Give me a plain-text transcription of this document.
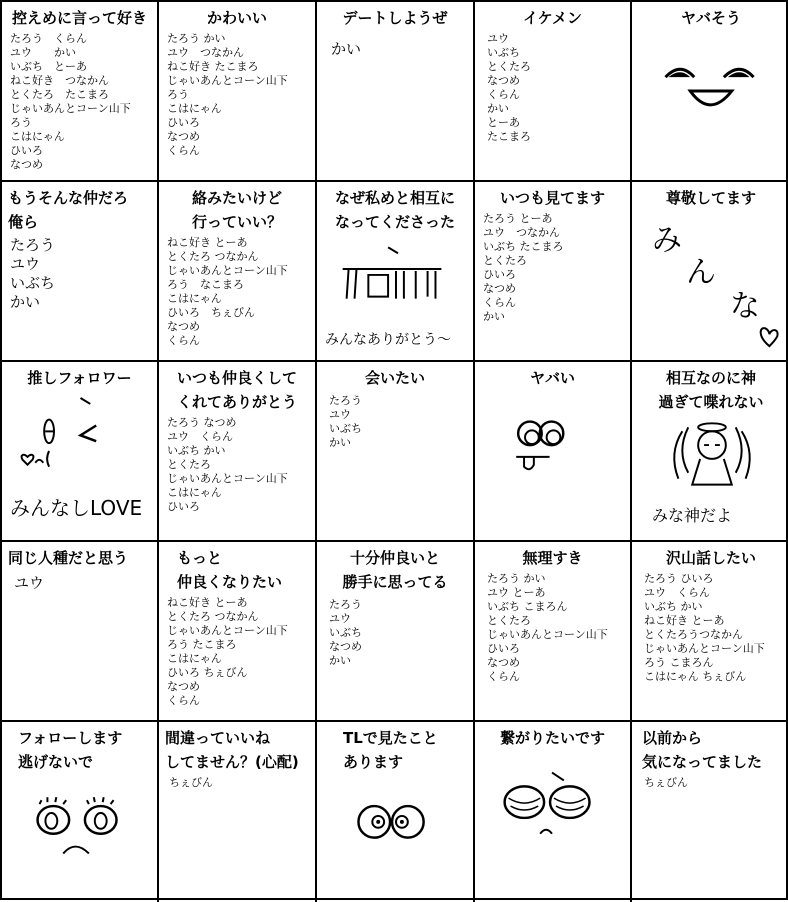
控えめに言って好き
たろう　くらん
ユウ　　かい
いぶち　とーあ
ねこ好き　つなかん
とくたろ　たこまろ
じゃいあんとコーン山下
ろう
こはにゃん
ひいろ
なつめ
かわいい
たろう かい
ユウ　つなかん
ねこ好き たこまろ
じゃいあんとコーン山下
ろう
こはにゃん
ひいろ
なつめ
くらん
デートしようぜ
かい
イケメン
ユウ
いぶち
とくたろ
なつめ
くらん
かい
とーあ
たこまろ
ヤバそう
もうそんな仲だろ
俺ら
たろう
ユウ
いぶち
かい
絡みたいけど
行っていい？
ねこ好き とーあ
とくたろ つなかん
じゃいあんとコーン山下
ろう　なこまろ
こはにゃん
ひいろ　ちぇびん
なつめ
くらん
なぜ私めと相互に
なってくださった
みんなありがとう〜
いつも見てます
たろう とーあ
ユウ　つなかん
いぶち たこまろ
とくたろ
ひいろ
なつめ
くらん
かい
尊敬してます
み
ん
な
推しフォロワー
みんなしLOVE
いつも仲良くして
くれてありがとう
たろう なつめ
ユウ　くらん
いぶち かい
とくたろ
じゃいあんとコーン山下
こはにゃん
ひいろ
会いたい
たろう
ユウ
いぶち
かい
ヤバい	相互なのに神
過ぎて喋れない
みな神だよ
同じ人種だと思う
ユウ
もっと
仲良くなりたい
ねこ好き とーあ
とくたろ つなかん
じゃいあんとコーン山下
ろう たこまろ
こはにゃん
ひいろ ちぇびん
なつめ
くらん
十分仲良いと
勝手に思ってる
たろう
ユウ
いぶち
なつめ
かい
無理すき
たろう かい
ユウ とーあ
いぶち こまろん
とくたろ
じゃいあんとコーン山下
ひいろ
なつめ
くらん
沢山話したい
たろう ひいろ
ユウ　くらん
いぶち かい
ねこ好き とーあ
とくたろうつなかん
じゃいあんとコーン山下
ろう こまろん
こはにゃん ちぇびん
フォローします
逃げないで
間違っていいね
してません？(心配)
ちぇびん
TLで見たこと
あります
繋がりたいです	以前から
気になってました
ちぇびん
